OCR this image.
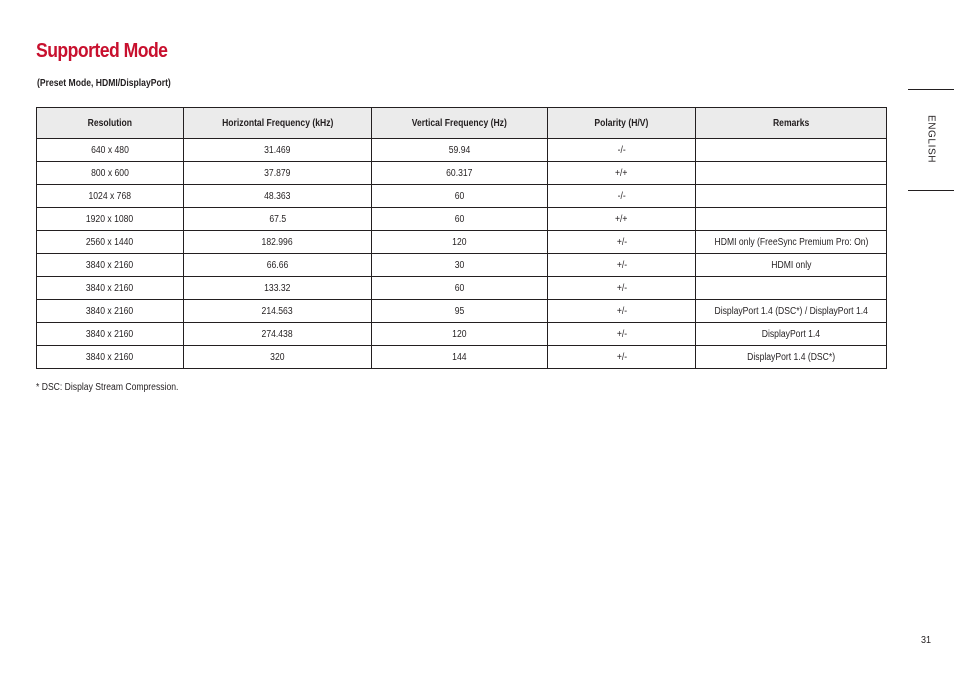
Supported Mode
(Preset Mode, HDMI/DisplayPort)
Resolution	Horizontal Frequency (kHz)	Vertical Frequency (Hz)	Polarity (H/V)	Remarks
640 x 480	31.469	59.94	-/-	
800 x 600	37.879	60.317	+/+	
1024 x 768	48.363	60	-/-	
1920 x 1080	67.5	60	+/+	
2560 x 1440	182.996	120	+/-	HDMI only (FreeSync Premium Pro: On)
3840 x 2160	66.66	30	+/-	HDMI only
3840 x 2160	133.32	60	+/-	
3840 x 2160	214.563	95	+/-	DisplayPort 1.4 (DSC*) / DisplayPort 1.4
3840 x 2160	274.438	120	+/-	DisplayPort 1.4
3840 x 2160	320	144	+/-	DisplayPort 1.4 (DSC*)
* DSC: Display Stream Compression.
ENGLISH
31
